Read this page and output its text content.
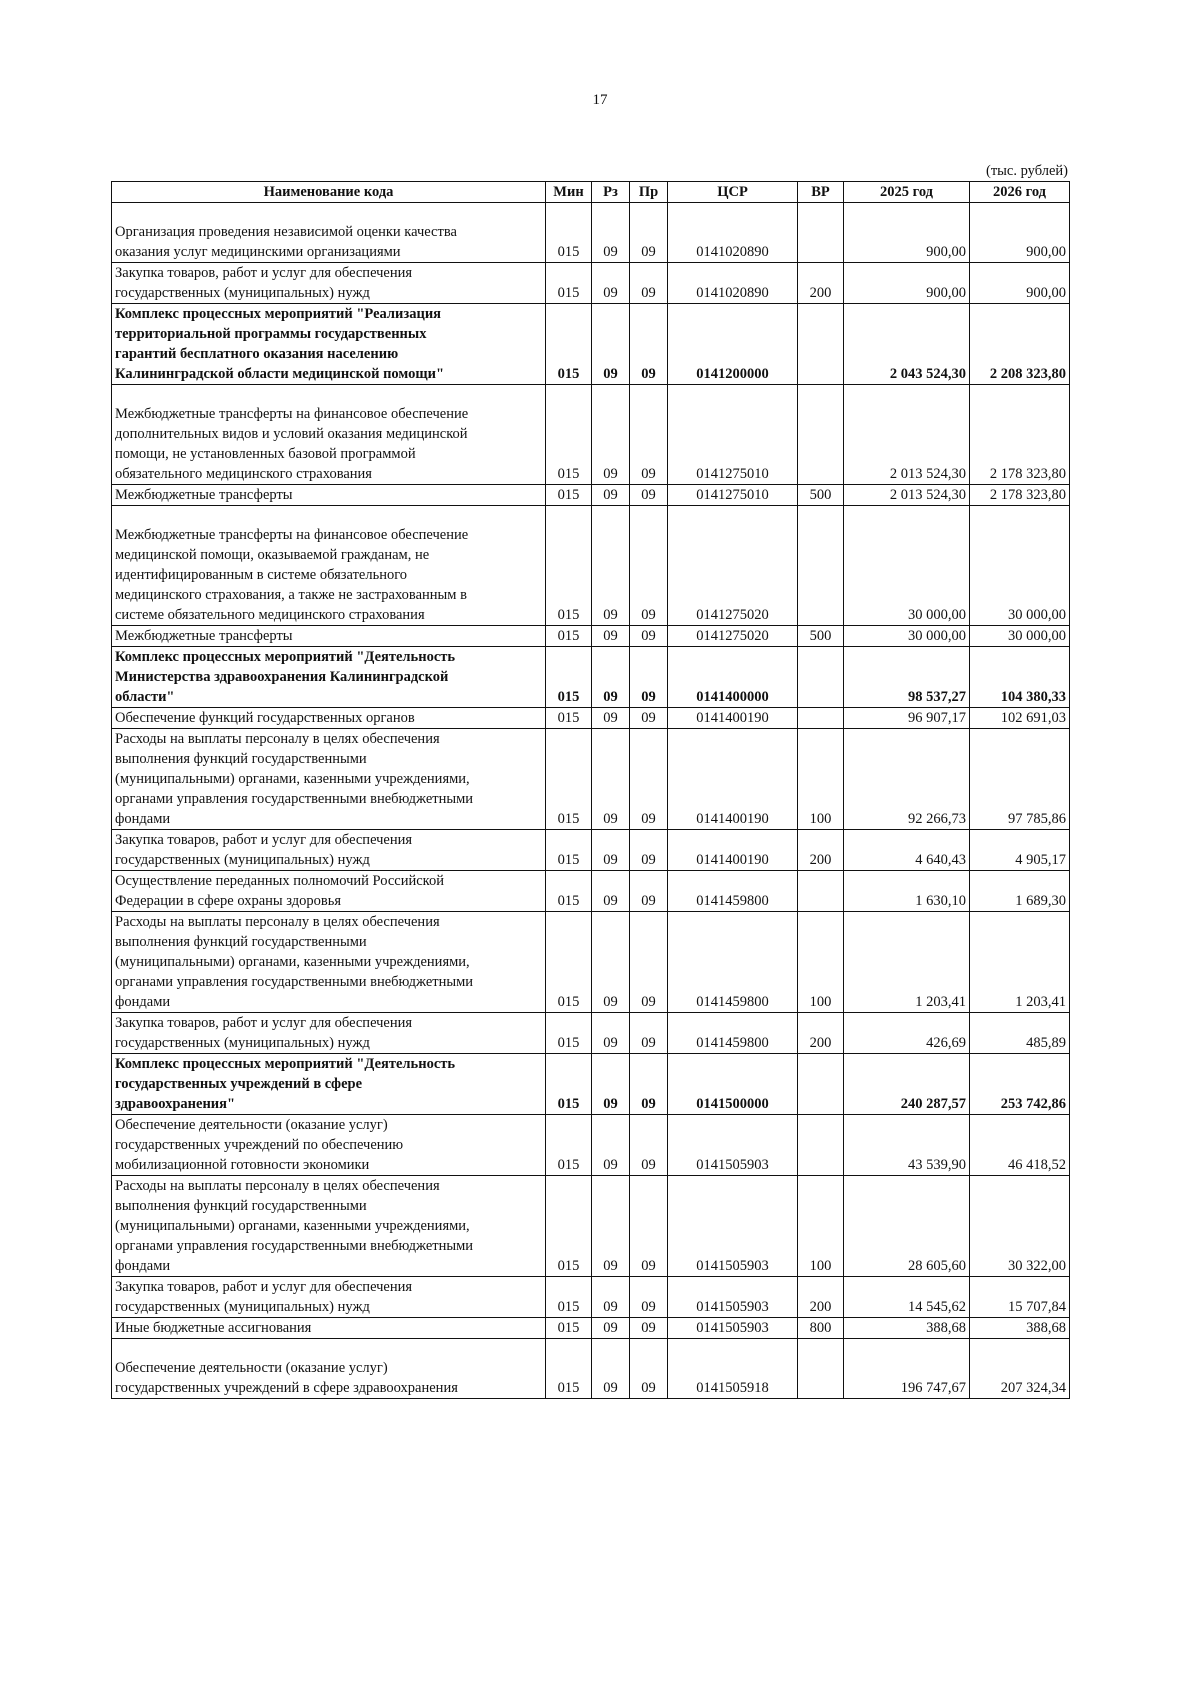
17
(тыс. рублей)
Наименование кода	Мин	Рз	Пр	ЦСР	ВР	2025 год	2026 год
Организация проведения независимой оценки качества
оказания услуг медицинскими организациями	015	09	09	0141020890		900,00	900,00
Закупка товаров, работ и услуг для обеспечения
государственных (муниципальных) нужд	015	09	09	0141020890	200	900,00	900,00
Комплекс процессных мероприятий "Реализация
территориальной программы государственных
гарантий бесплатного оказания населению
Калининградской области медицинской помощи"	015	09	09	0141200000		2 043 524,30	2 208 323,80
Межбюджетные трансферты на финансовое обеспечение
дополнительных видов и условий оказания медицинской
помощи, не установленных базовой программой
обязательного медицинского страхования	015	09	09	0141275010		2 013 524,30	2 178 323,80
Межбюджетные трансферты	015	09	09	0141275010	500	2 013 524,30	2 178 323,80
Межбюджетные трансферты на финансовое обеспечение
медицинской помощи, оказываемой гражданам, не
идентифицированным в системе обязательного
медицинского страхования, а также не застрахованным в
системе обязательного медицинского страхования	015	09	09	0141275020		30 000,00	30 000,00
Межбюджетные трансферты	015	09	09	0141275020	500	30 000,00	30 000,00
Комплекс процессных мероприятий "Деятельность
Министерства здравоохранения Калининградской
области"	015	09	09	0141400000		98 537,27	104 380,33
Обеспечение функций государственных органов	015	09	09	0141400190		96 907,17	102 691,03
Расходы на выплаты персоналу в целях обеспечения
выполнения функций государственными
(муниципальными) органами, казенными учреждениями,
органами управления государственными внебюджетными
фондами	015	09	09	0141400190	100	92 266,73	97 785,86
Закупка товаров, работ и услуг для обеспечения
государственных (муниципальных) нужд	015	09	09	0141400190	200	4 640,43	4 905,17
Осуществление переданных полномочий Российской
Федерации в сфере охраны здоровья	015	09	09	0141459800		1 630,10	1 689,30
Расходы на выплаты персоналу в целях обеспечения
выполнения функций государственными
(муниципальными) органами, казенными учреждениями,
органами управления государственными внебюджетными
фондами	015	09	09	0141459800	100	1 203,41	1 203,41
Закупка товаров, работ и услуг для обеспечения
государственных (муниципальных) нужд	015	09	09	0141459800	200	426,69	485,89
Комплекс процессных мероприятий "Деятельность
государственных учреждений в сфере
здравоохранения"	015	09	09	0141500000		240 287,57	253 742,86
Обеспечение деятельности (оказание услуг)
государственных учреждений по обеспечению
мобилизационной готовности экономики	015	09	09	0141505903		43 539,90	46 418,52
Расходы на выплаты персоналу в целях обеспечения
выполнения функций государственными
(муниципальными) органами, казенными учреждениями,
органами управления государственными внебюджетными
фондами	015	09	09	0141505903	100	28 605,60	30 322,00
Закупка товаров, работ и услуг для обеспечения
государственных (муниципальных) нужд	015	09	09	0141505903	200	14 545,62	15 707,84
Иные бюджетные ассигнования	015	09	09	0141505903	800	388,68	388,68
Обеспечение деятельности (оказание услуг)
государственных учреждений в сфере здравоохранения	015	09	09	0141505918		196 747,67	207 324,34
